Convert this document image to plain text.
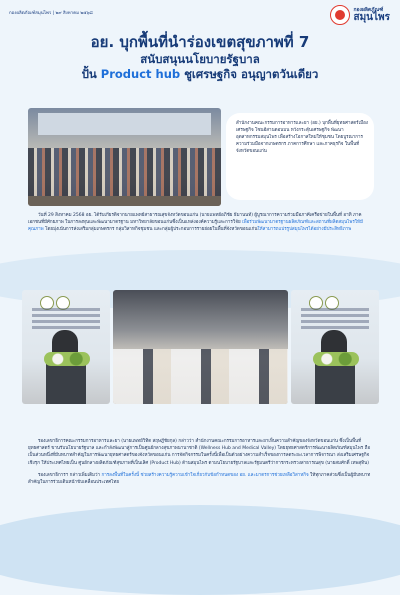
กองผลิตภัณฑ์สมุนไพร | ๒๙ สิงหาคม ๒๕๖๘
กองผลิตภัณฑ์
สมุนไพร
อย. บุกพื้นที่นำร่องเขตสุขภาพที่ 7
สนับสนุนนโยบายรัฐบาล
ปั้น Product hub ชูเศรษฐกิจ อนุญาตวันเดียว

สำนักงานคณะกรรมการอาหารและยา (อย.) บุกพื้นที่ยุทธศาสตร์เมืองเศรษฐกิจ โซนอีสานตอนบน หวังกระตุ้นเศรษฐกิจ พัฒนาอุตสาหกรรมสมุนไพร เพื่อสร้างโอกาสใหม่ให้ชุมชน โดยบูรณาการความร่วมมือจากเกษตรกร ภาคการศึกษา และภาคธุรกิจ ในพื้นที่จังหวัดขอนแก่น

วันที่ 29 สิงหาคม 2568 อย. ได้รับเกียรติจากนายแพทย์สาธารณสุขจังหวัดขอนแก่น (นายแพทย์อภิชัย ธีมานนท์) ผู้บูรณาการความร่วมมือภาคีเครือข่ายในพื้นที่ อาทิ ภาคเอกชนที่มีศักยภาพ ในการลงทุนและพัฒนามาตรฐาน มหาวิทยาลัยขอนแก่นซึ่งเป็นแหล่งองค์ความรู้และการวิจัย เพื่อร่วมพัฒนามาตรฐานผลิตภัณฑ์และสถานที่ผลิตสมุนไพรให้มีคุณภาพ โดยมุ่งเน้นการส่งเสริมกลุ่มเกษตรกร กลุ่มวิสาหกิจชุมชน และกลุ่มผู้ประกอบการรายย่อยในพื้นที่จังหวัดขอนแก่นให้สามารถแปรรูปสมุนไพรได้อย่างมีประสิทธิภาพ

รองเลขาธิการคณะกรรมการอาหารและยา (นายแพทย์วิทิต สฤษฎีชัยกุล) กล่าวว่า สำนักงานคณะกรรมการอาหารและยาเห็นความสำคัญของจังหวัดขอนแก่น ซึ่งเป็นพื้นที่ยุทธศาสตร์ ขานรับนโยบายรัฐบาล และกำลังพัฒนาสู่การเป็นศูนย์กลางสุขภาพนานาชาติ (Wellness Hub and Medical Valley) โดยยุทธศาสตร์การพัฒนาผลิตภัณฑ์สมุนไพร ถือเป็นส่วนหนึ่งที่มีบทบาทสำคัญในการพัฒนายุทธศาสตร์ของจังหวัดขอนแก่น การจัดกิจกรรมในครั้งนี้เพื่อเป็นตัวอย่างความสำเร็จของการลดระยะเวลาการพิจารณา ส่งเสริมเศรษฐกิจเชิงรุก ให้ประเทศไทยเป็น ศูนย์กลางผลิตภัณฑ์สุขภาพที่เป็นเลิศ (Product Hub) ด้านสมุนไพร ตามนโยบายรัฐบาลและรัฐมนตรีว่าการกระทรวงสาธารณสุข (นายสมศักดิ์ เทพสุทิน)

รองเลขาธิการฯ กล่าวเพิ่มเติมว่า การลงพื้นที่ในครั้งนี้ ช่วยสร้างความรู้ความเข้าใจเกี่ยวกับข้อกำหนดของ อย. และมาตรการช่วยเหลือวิสาหกิจ ให้ทุกภาคส่วนซึ่งเป็นผู้มีบทบาทสำคัญในการร่วมเดินหน้าขับเคลื่อนประเทศไทย
